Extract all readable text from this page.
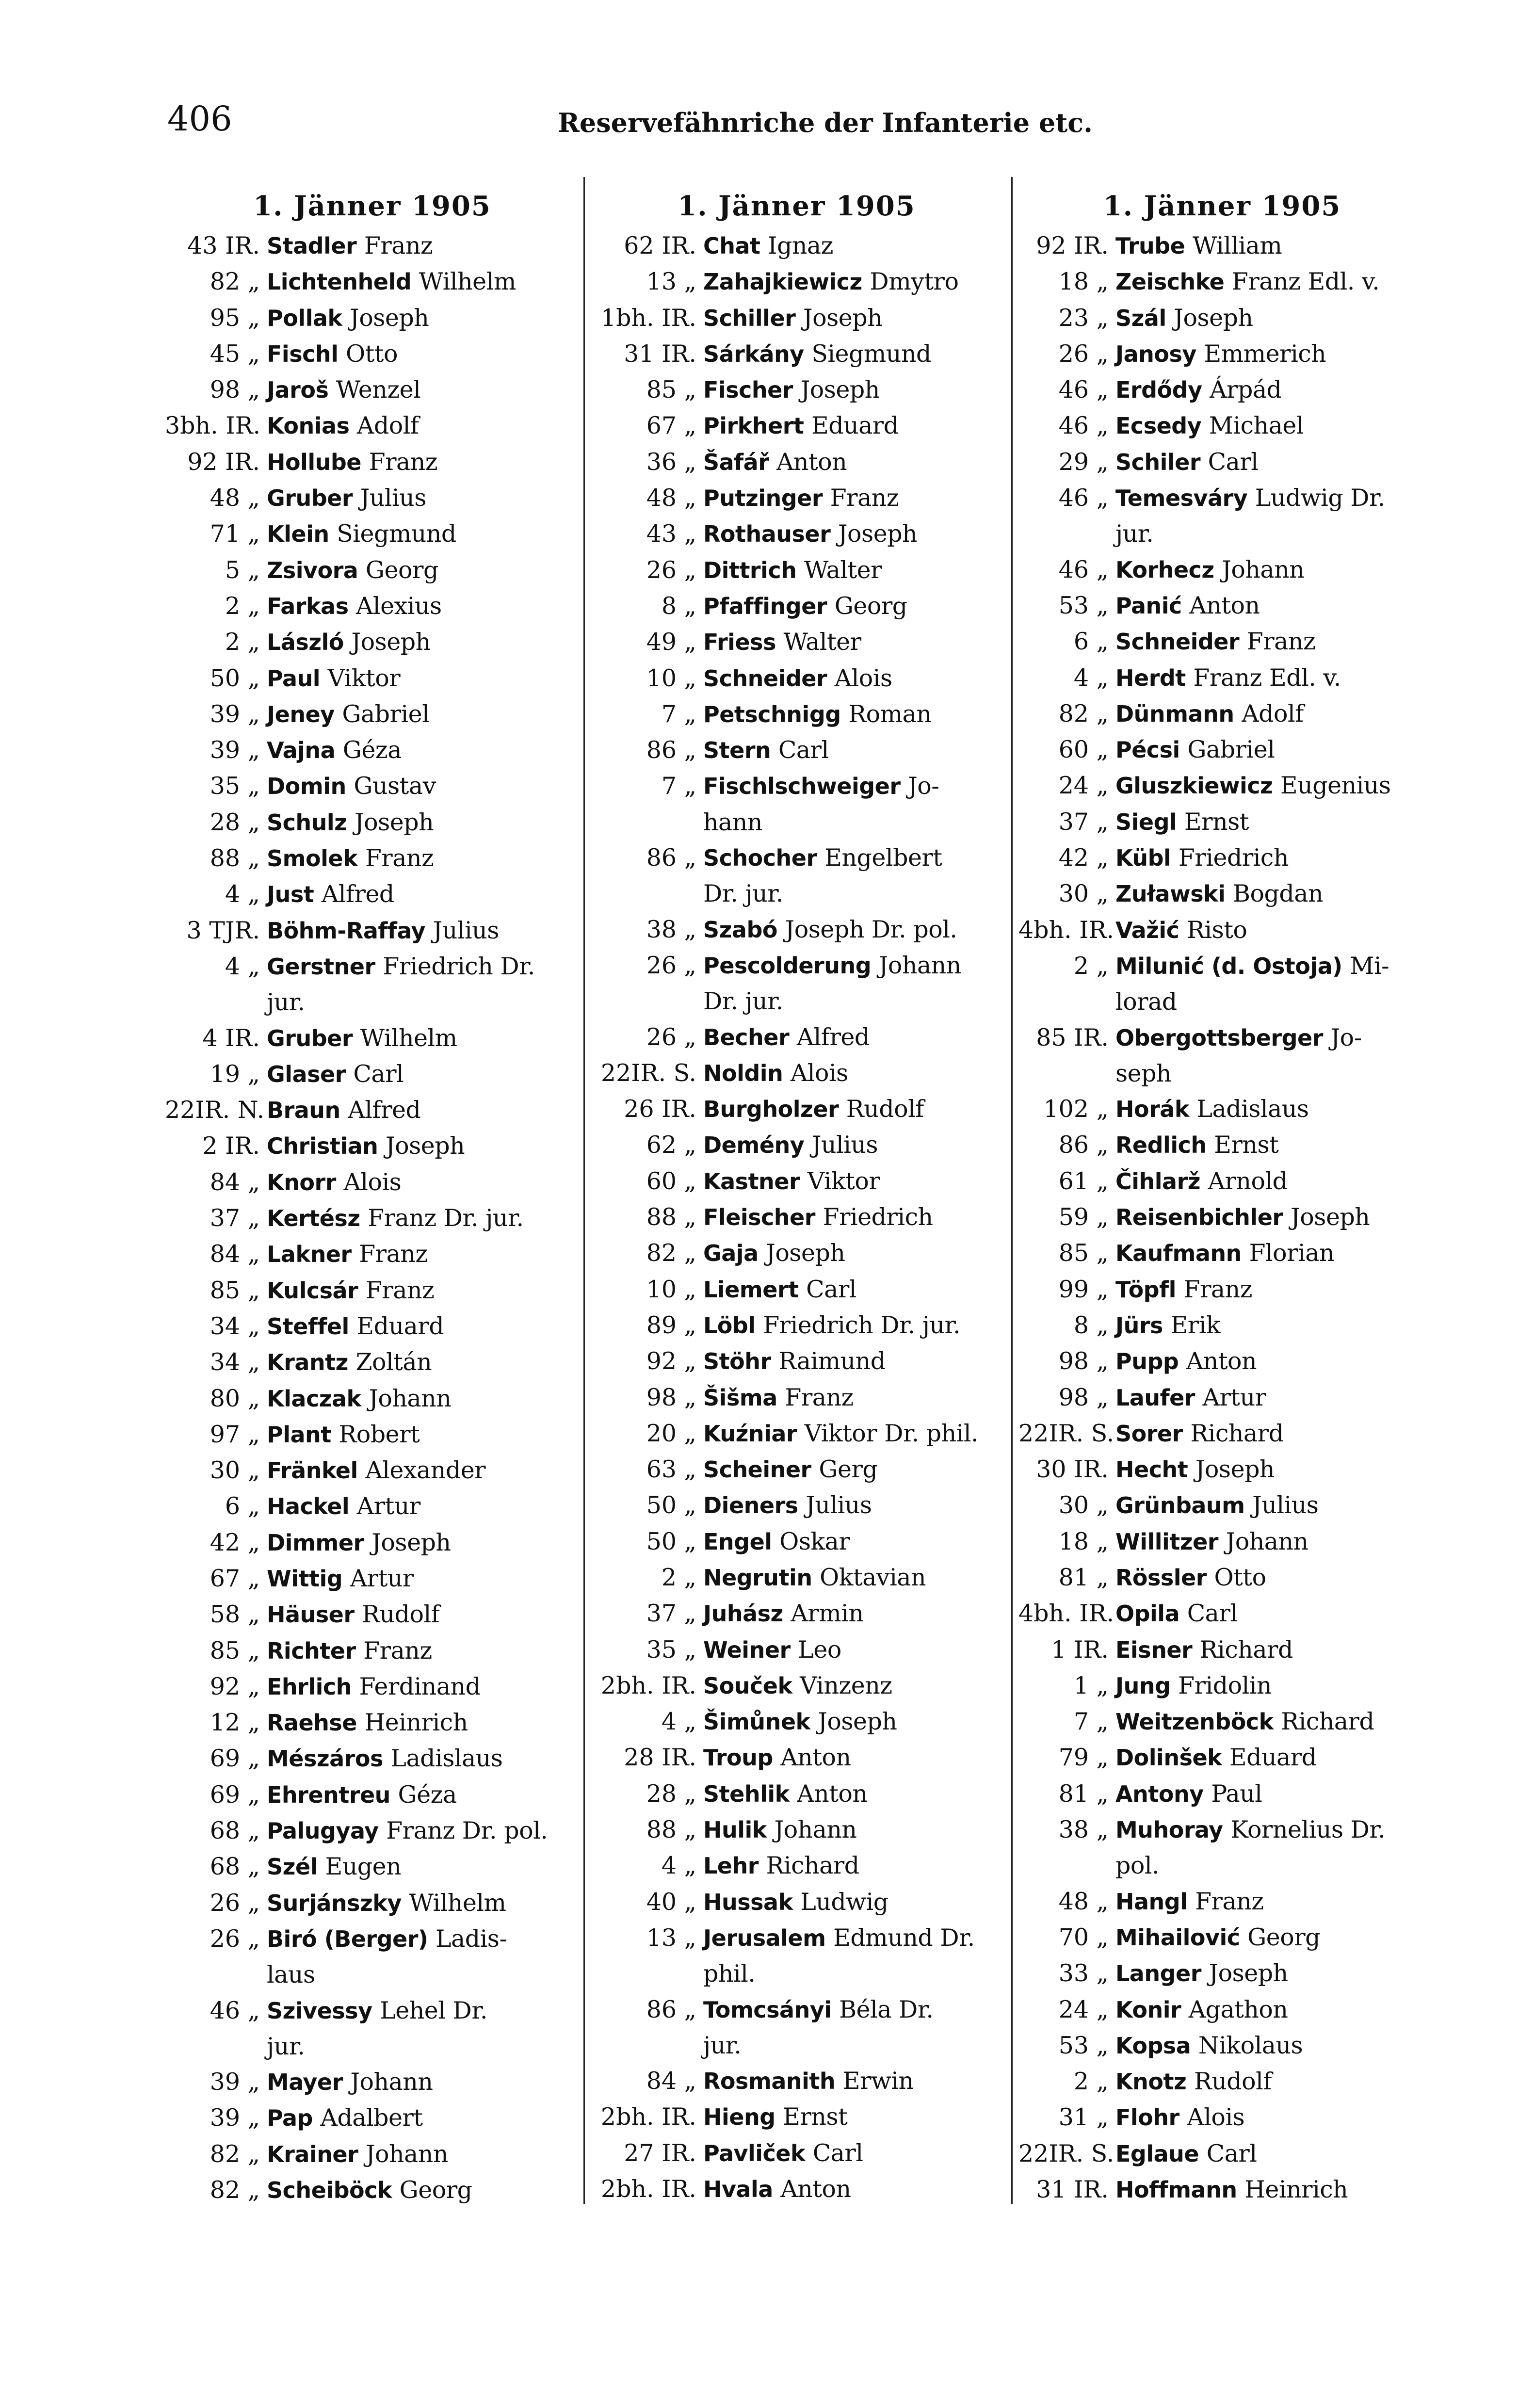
406	Reservefähnriche der Infanterie etc.
1. Jänner 1905
43 IR. Stadler Franz
82 „ Lichtenheld Wilhelm
95 „ Pollak Joseph
45 „ Fischl Otto
98 „ Jaroš Wenzel
3bh. IR. Konias Adolf
92 IR. Hollube Franz
48 „ Gruber Julius
71 „ Klein Siegmund
5 „ Zsivora Georg
2 „ Farkas Alexius
2 „ László Joseph
50 „ Paul Viktor
39 „ Jeney Gabriel
39 „ Vajna Géza
35 „ Domin Gustav
28 „ Schulz Joseph
88 „ Smolek Franz
4 „ Just Alfred
3 TJR. Böhm-Raffay Julius
4 „ Gerstner Friedrich Dr.
jur.
4 IR. Gruber Wilhelm
19 „ Glaser Carl
22IR. N. Braun Alfred
2 IR. Christian Joseph
84 „ Knorr Alois
37 „ Kertész Franz Dr. jur.
84 „ Lakner Franz
85 „ Kulcsár Franz
34 „ Steffel Eduard
34 „ Krantz Zoltán
80 „ Klaczak Johann
97 „ Plant Robert
30 „ Fränkel Alexander
6 „ Hackel Artur
42 „ Dimmer Joseph
67 „ Wittig Artur
58 „ Häuser Rudolf
85 „ Richter Franz
92 „ Ehrlich Ferdinand
12 „ Raehse Heinrich
69 „ Mészáros Ladislaus
69 „ Ehrentreu Géza
68 „ Palugyay Franz Dr. pol.
68 „ Szél Eugen
26 „ Surjánszky Wilhelm
26 „ Biró (Berger) Ladis-
laus
46 „ Szivessy Lehel Dr.
jur.
39 „ Mayer Johann
39 „ Pap Adalbert
82 „ Krainer Johann
82 „ Scheiböck Georg
1. Jänner 1905
62 IR. Chat Ignaz
13 „ Zahajkiewicz Dmytro
1bh. IR. Schiller Joseph
31 IR. Sárkány Siegmund
85 „ Fischer Joseph
67 „ Pirkhert Eduard
36 „ Šafář Anton
48 „ Putzinger Franz
43 „ Rothauser Joseph
26 „ Dittrich Walter
8 „ Pfaffinger Georg
49 „ Friess Walter
10 „ Schneider Alois
7 „ Petschnigg Roman
86 „ Stern Carl
7 „ Fischlschweiger Jo-
hann
86 „ Schocher Engelbert
Dr. jur.
38 „ Szabó Joseph Dr. pol.
26 „ Pescolderung Johann
Dr. jur.
26 „ Becher Alfred
22IR. S. Noldin Alois
26 IR. Burgholzer Rudolf
62 „ Demény Julius
60 „ Kastner Viktor
88 „ Fleischer Friedrich
82 „ Gaja Joseph
10 „ Liemert Carl
89 „ Löbl Friedrich Dr. jur.
92 „ Stöhr Raimund
98 „ Šišma Franz
20 „ Kuźniar Viktor Dr. phil.
63 „ Scheiner Gerg
50 „ Dieners Julius
50 „ Engel Oskar
2 „ Negrutin Oktavian
37 „ Juhász Armin
35 „ Weiner Leo
2bh. IR. Souček Vinzenz
4 „ Šimůnek Joseph
28 IR. Troup Anton
28 „ Stehlik Anton
88 „ Hulik Johann
4 „ Lehr Richard
40 „ Hussak Ludwig
13 „ Jerusalem Edmund Dr.
phil.
86 „ Tomcsányi Béla Dr.
jur.
84 „ Rosmanith Erwin
2bh. IR. Hieng Ernst
27 IR. Pavliček Carl
2bh. IR. Hvala Anton
1. Jänner 1905
92 IR. Trube William
18 „ Zeischke Franz Edl. v.
23 „ Szál Joseph
26 „ Janosy Emmerich
46 „ Erdődy Árpád
46 „ Ecsedy Michael
29 „ Schiler Carl
46 „ Temesváry Ludwig Dr.
jur.
46 „ Korhecz Johann
53 „ Panić Anton
6 „ Schneider Franz
4 „ Herdt Franz Edl. v.
82 „ Dünmann Adolf
60 „ Pécsi Gabriel
24 „ Gluszkiewicz Eugenius
37 „ Siegl Ernst
42 „ Kübl Friedrich
30 „ Zuławski Bogdan
4bh. IR. Važić Risto
2 „ Milunić (d. Ostoja) Mi-
lorad
85 IR. Obergottsberger Jo-
seph
102 „ Horák Ladislaus
86 „ Redlich Ernst
61 „ Čihlarž Arnold
59 „ Reisenbichler Joseph
85 „ Kaufmann Florian
99 „ Töpfl Franz
8 „ Jürs Erik
98 „ Pupp Anton
98 „ Laufer Artur
22IR. S. Sorer Richard
30 IR. Hecht Joseph
30 „ Grünbaum Julius
18 „ Willitzer Johann
81 „ Rössler Otto
4bh. IR. Opila Carl
1 IR. Eisner Richard
1 „ Jung Fridolin
7 „ Weitzenböck Richard
79 „ Dolinšek Eduard
81 „ Antony Paul
38 „ Muhoray Kornelius Dr.
pol.
48 „ Hangl Franz
70 „ Mihailović Georg
33 „ Langer Joseph
24 „ Konir Agathon
53 „ Kopsa Nikolaus
2 „ Knotz Rudolf
31 „ Flohr Alois
22IR. S. Eglaue Carl
31 IR. Hoffmann Heinrich
